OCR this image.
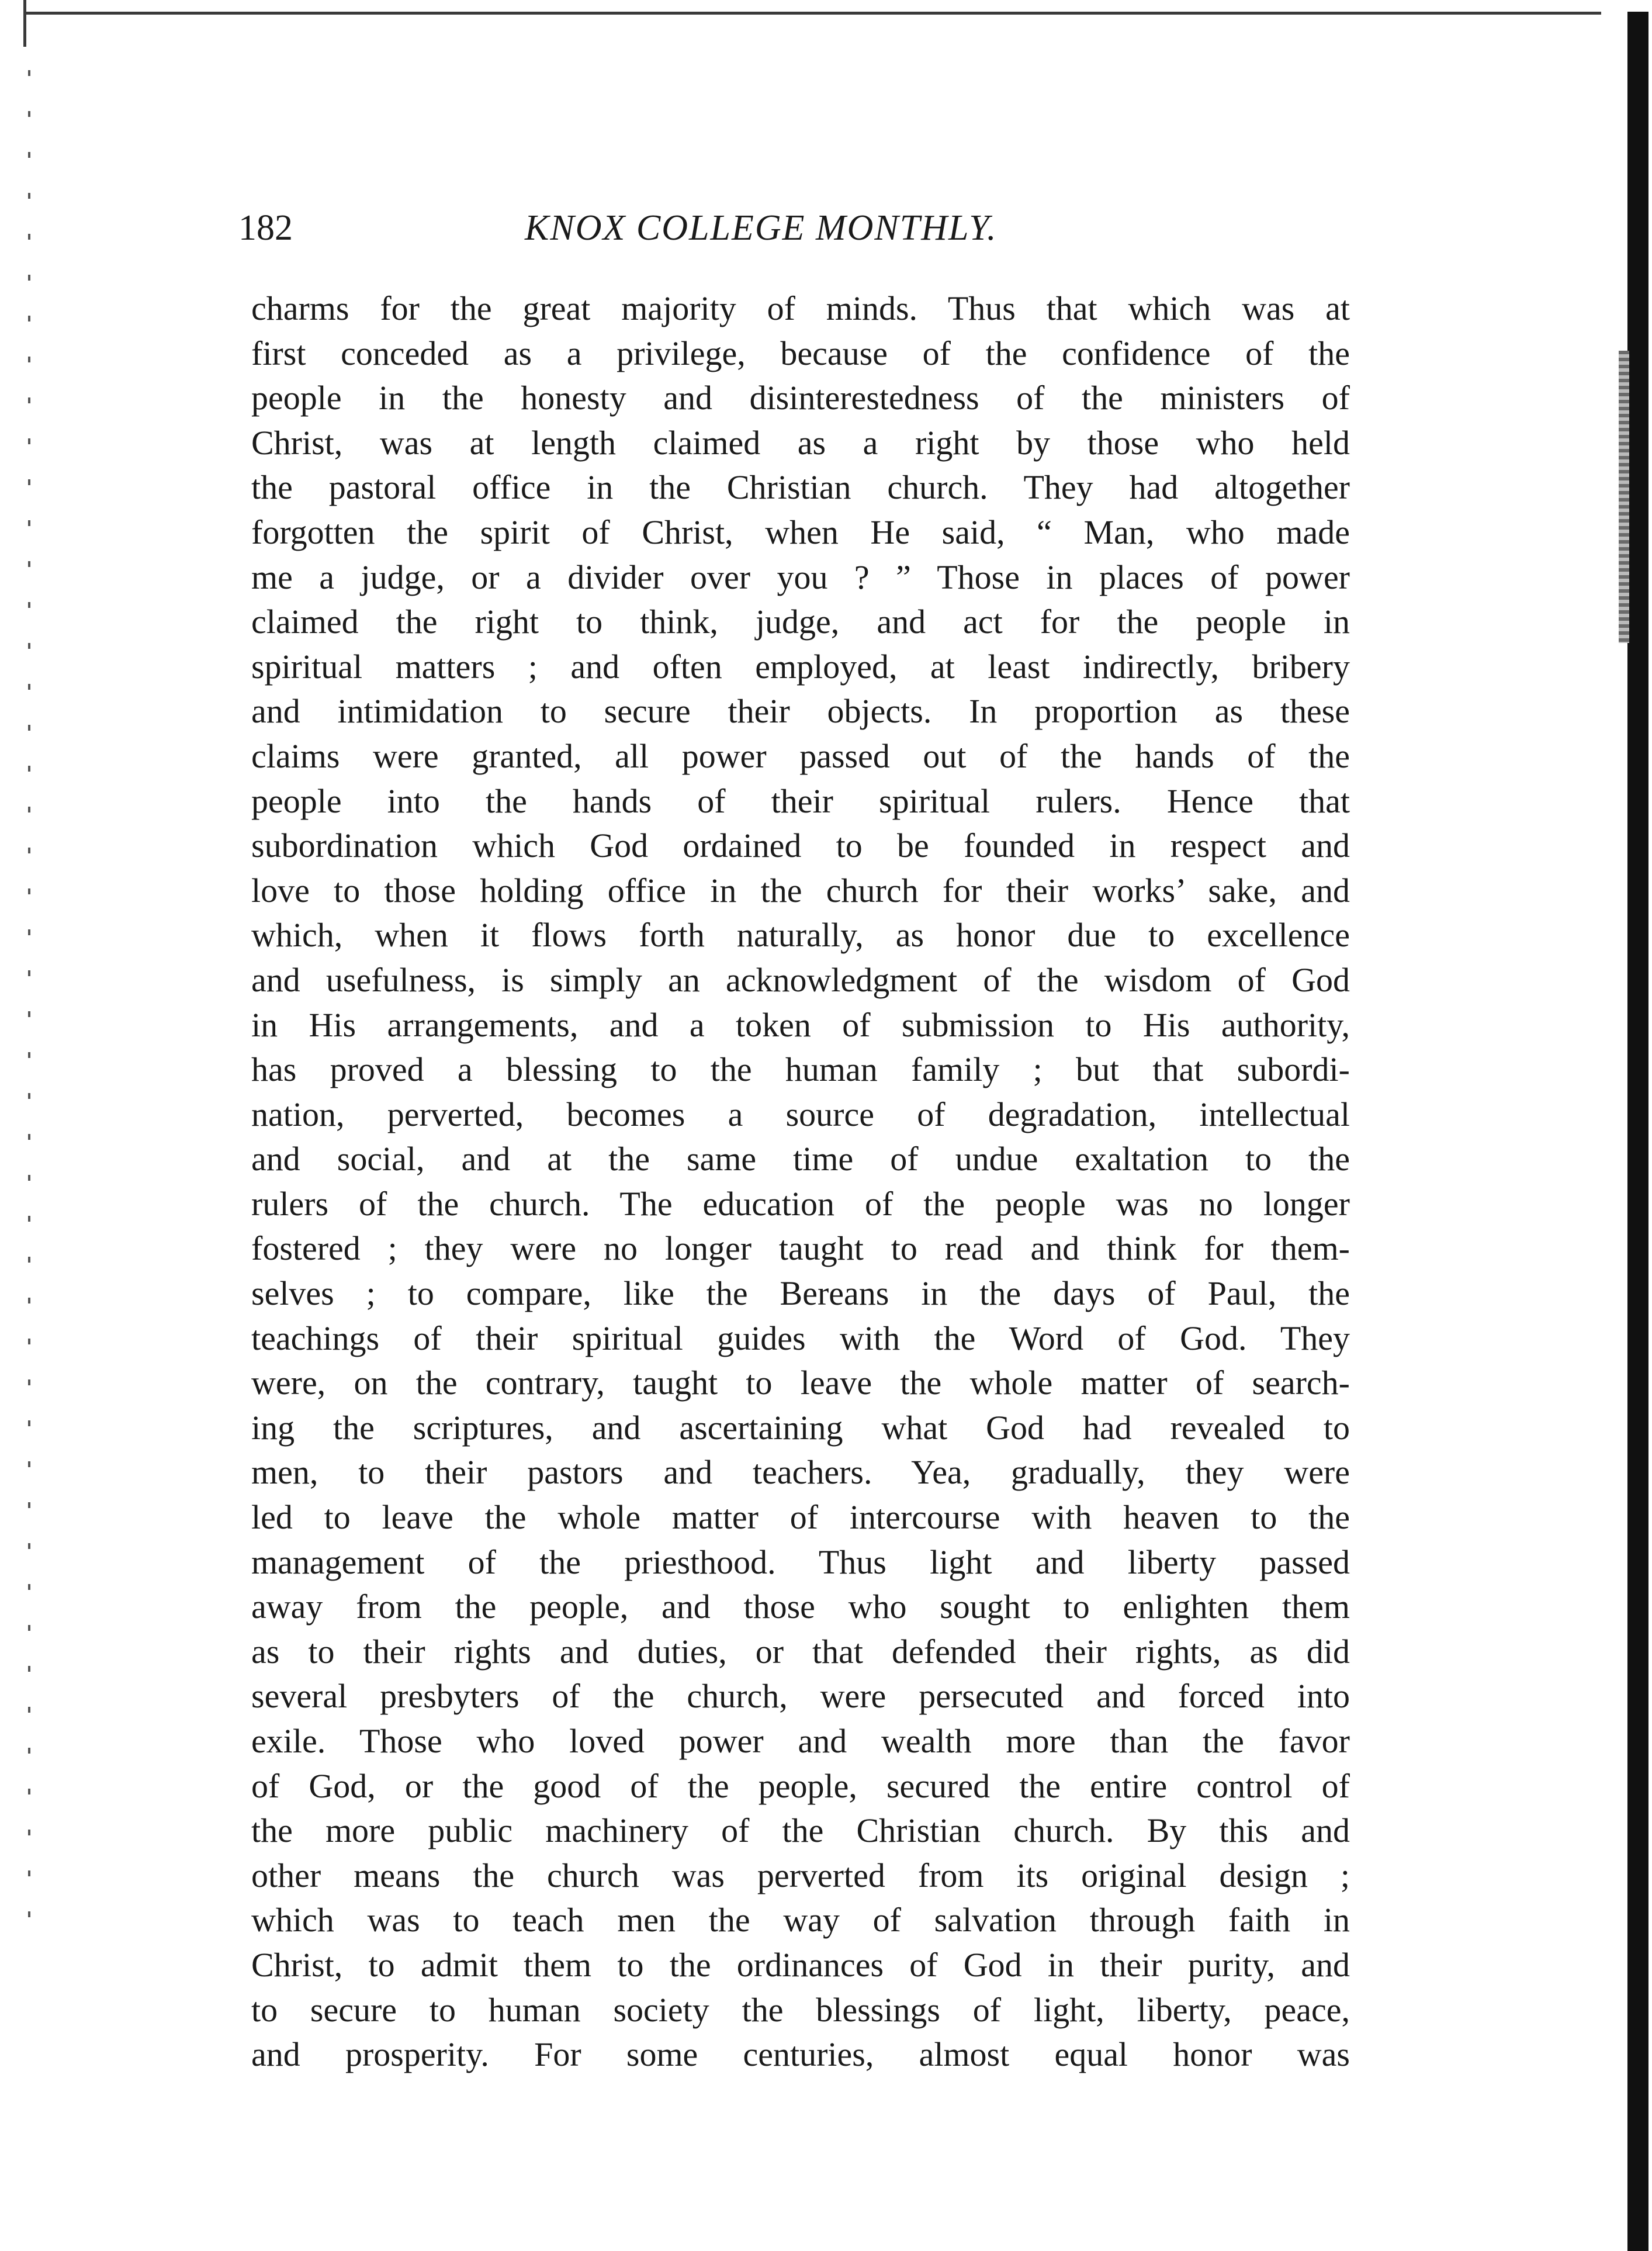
182	KNOX COLLEGE MONTHLY.
charms for the great majority of minds. Thus that which was at
first conceded as a privilege, because of the confidence of the
people in the honesty and disinterestedness of the ministers of
Christ, was at length claimed as a right by those who held
the pastoral office in the Christian church. They had altogether
forgotten the spirit of Christ, when He said, “ Man, who made
me a judge, or a divider over you ? ” Those in places of power
claimed the right to think, judge, and act for the people in
spiritual matters ; and often employed, at least indirectly, bribery
and intimidation to secure their objects. In proportion as these
claims were granted, all power passed out of the hands of the
people into the hands of their spiritual rulers. Hence that
subordination which God ordained to be founded in respect and
love to those holding office in the church for their works’ sake, and
which, when it flows forth naturally, as honor due to excellence
and usefulness, is simply an acknowledgment of the wisdom of God
in His arrangements, and a token of submission to His authority,
has proved a blessing to the human family ; but that subordi-
nation, perverted, becomes a source of degradation, intellectual
and social, and at the same time of undue exaltation to the
rulers of the church. The education of the people was no longer
fostered ; they were no longer taught to read and think for them-
selves ; to compare, like the Bereans in the days of Paul, the
teachings of their spiritual guides with the Word of God. They
were, on the contrary, taught to leave the whole matter of search-
ing the scriptures, and ascertaining what God had revealed to
men, to their pastors and teachers. Yea, gradually, they were
led to leave the whole matter of intercourse with heaven to the
management of the priesthood. Thus light and liberty passed
away from the people, and those who sought to enlighten them
as to their rights and duties, or that defended their rights, as did
several presbyters of the church, were persecuted and forced into
exile. Those who loved power and wealth more than the favor
of God, or the good of the people, secured the entire control of
the more public machinery of the Christian church. By this and
other means the church was perverted from its original design ;
which was to teach men the way of salvation through faith in
Christ, to admit them to the ordinances of God in their purity, and
to secure to human society the blessings of light, liberty, peace,
and prosperity. For some centuries, almost equal honor was
